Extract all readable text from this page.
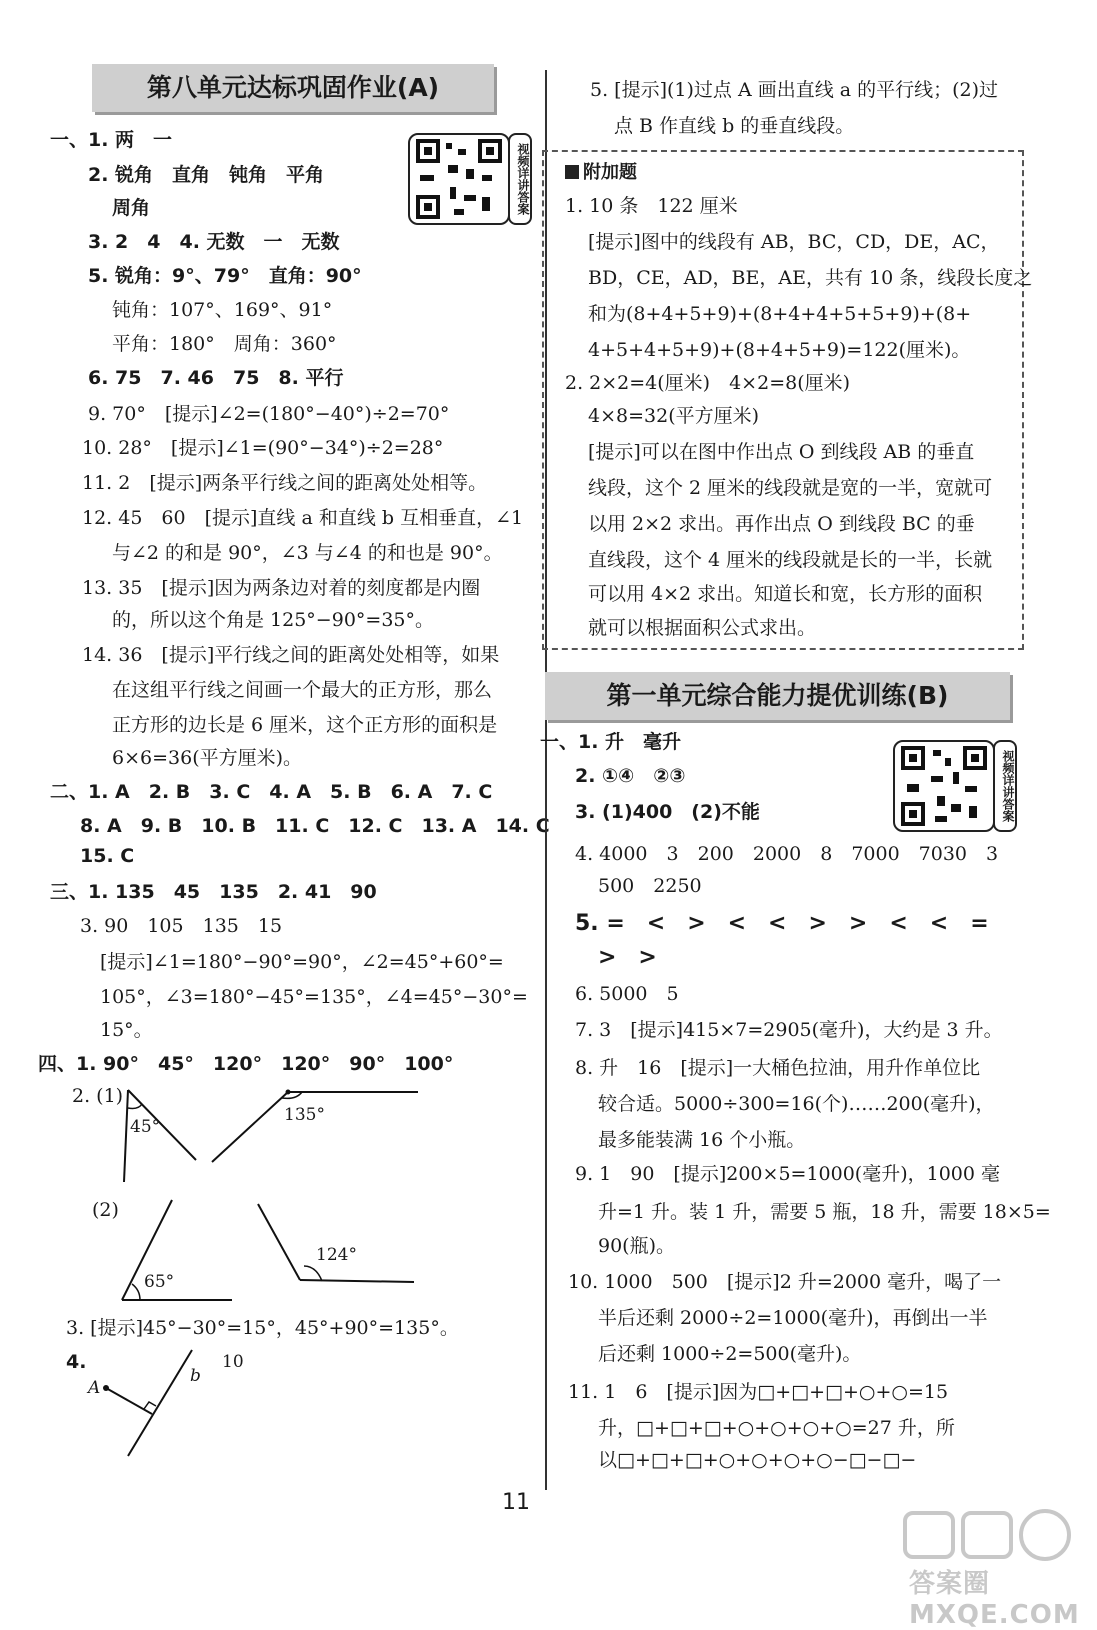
第八单元达标巩固作业(A)
视频详讲答案
一、1. 两　一
2. 锐角　直角　钝角　平角
周角
3. 2　4　4. 无数　一　无数
5. 锐角：9°、79°　直角：90°
钝角：107°、169°、91°
平角：180°　周角：360°
6. 75　7. 46　75　8. 平行
9. 70°　[提示]∠2=(180°−40°)÷2=70°
10. 28°　[提示]∠1=(90°−34°)÷2=28°
11. 2　[提示]两条平行线之间的距离处处相等。
12. 45　60　[提示]直线 a 和直线 b 互相垂直，∠1
与∠2 的和是 90°，∠3 与∠4 的和也是 90°。
13. 35　[提示]因为两条边对着的刻度都是内圈
的，所以这个角是 125°−90°=35°。
14. 36　[提示]平行线之间的距离处处相等，如果
在这组平行线之间画一个最大的正方形，那么
正方形的边长是 6 厘米，这个正方形的面积是
6×6=36(平方厘米)。
二、1. A　2. B　3. C　4. A　5. B　6. A　7. C
8. A　9. B　10. B　11. C　12. C　13. A　14. C
15. C
三、1. 135　45　135　2. 41　90
3. 90　105　135　15
[提示]∠1=180°−90°=90°，∠2=45°+60°=
105°，∠3=180°−45°=135°，∠4=45°−30°=
15°。
四、1. 90°　45°　120°　120°　90°　100°
2. (1)
(2)
3. [提示]45°−30°=15°，45°+90°=135°。
4.
45°
135°
65°
124°
A
b
10
5. [提示](1)过点 A 画出直线 a 的平行线；(2)过
点 B 作直线 b 的垂直线段。
附加题
1. 10 条　122 厘米
[提示]图中的线段有 AB，BC，CD，DE，AC，
BD，CE，AD，BE，AE，共有 10 条，线段长度之
和为(8+4+5+9)+(8+4+4+5+5+9)+(8+
4+5+4+5+9)+(8+4+5+9)=122(厘米)。
2. 2×2=4(厘米)　4×2=8(厘米)
4×8=32(平方厘米)
[提示]可以在图中作出点 O 到线段 AB 的垂直
线段，这个 2 厘米的线段就是宽的一半，宽就可
以用 2×2 求出。再作出点 O 到线段 BC 的垂
直线段，这个 4 厘米的线段就是长的一半，长就
可以用 4×2 求出。知道长和宽，长方形的面积
就可以根据面积公式求出。
第一单元综合能力提优训练(B)
视频详讲答案
一、1. 升　毫升
2. ①④　②③
3. (1)400　(2)不能
4. 4000　3　200　2000　8　7000　7030　3
500　2250
5. =　<　>　<　<　>　>　<　<　=
>　>
6. 5000　5
7. 3　[提示]415×7=2905(毫升)，大约是 3 升。
8. 升　16　[提示]一大桶色拉油，用升作单位比
较合适。5000÷300=16(个)……200(毫升)，
最多能装满 16 个小瓶。
9. 1　90　[提示]200×5=1000(毫升)，1000 毫
升=1 升。装 1 升，需要 5 瓶，18 升，需要 18×5=
90(瓶)。
10. 1000　500　[提示]2 升=2000 毫升，喝了一
半后还剩 2000÷2=1000(毫升)，再倒出一半
后还剩 1000÷2=500(毫升)。
11. 1　6　[提示]因为□+□+□+○+○=15
升，□+□+□+○+○+○+○=27 升，所
以□+□+□+○+○+○+○−□−□−
11
答案圈 MXQE.COM
